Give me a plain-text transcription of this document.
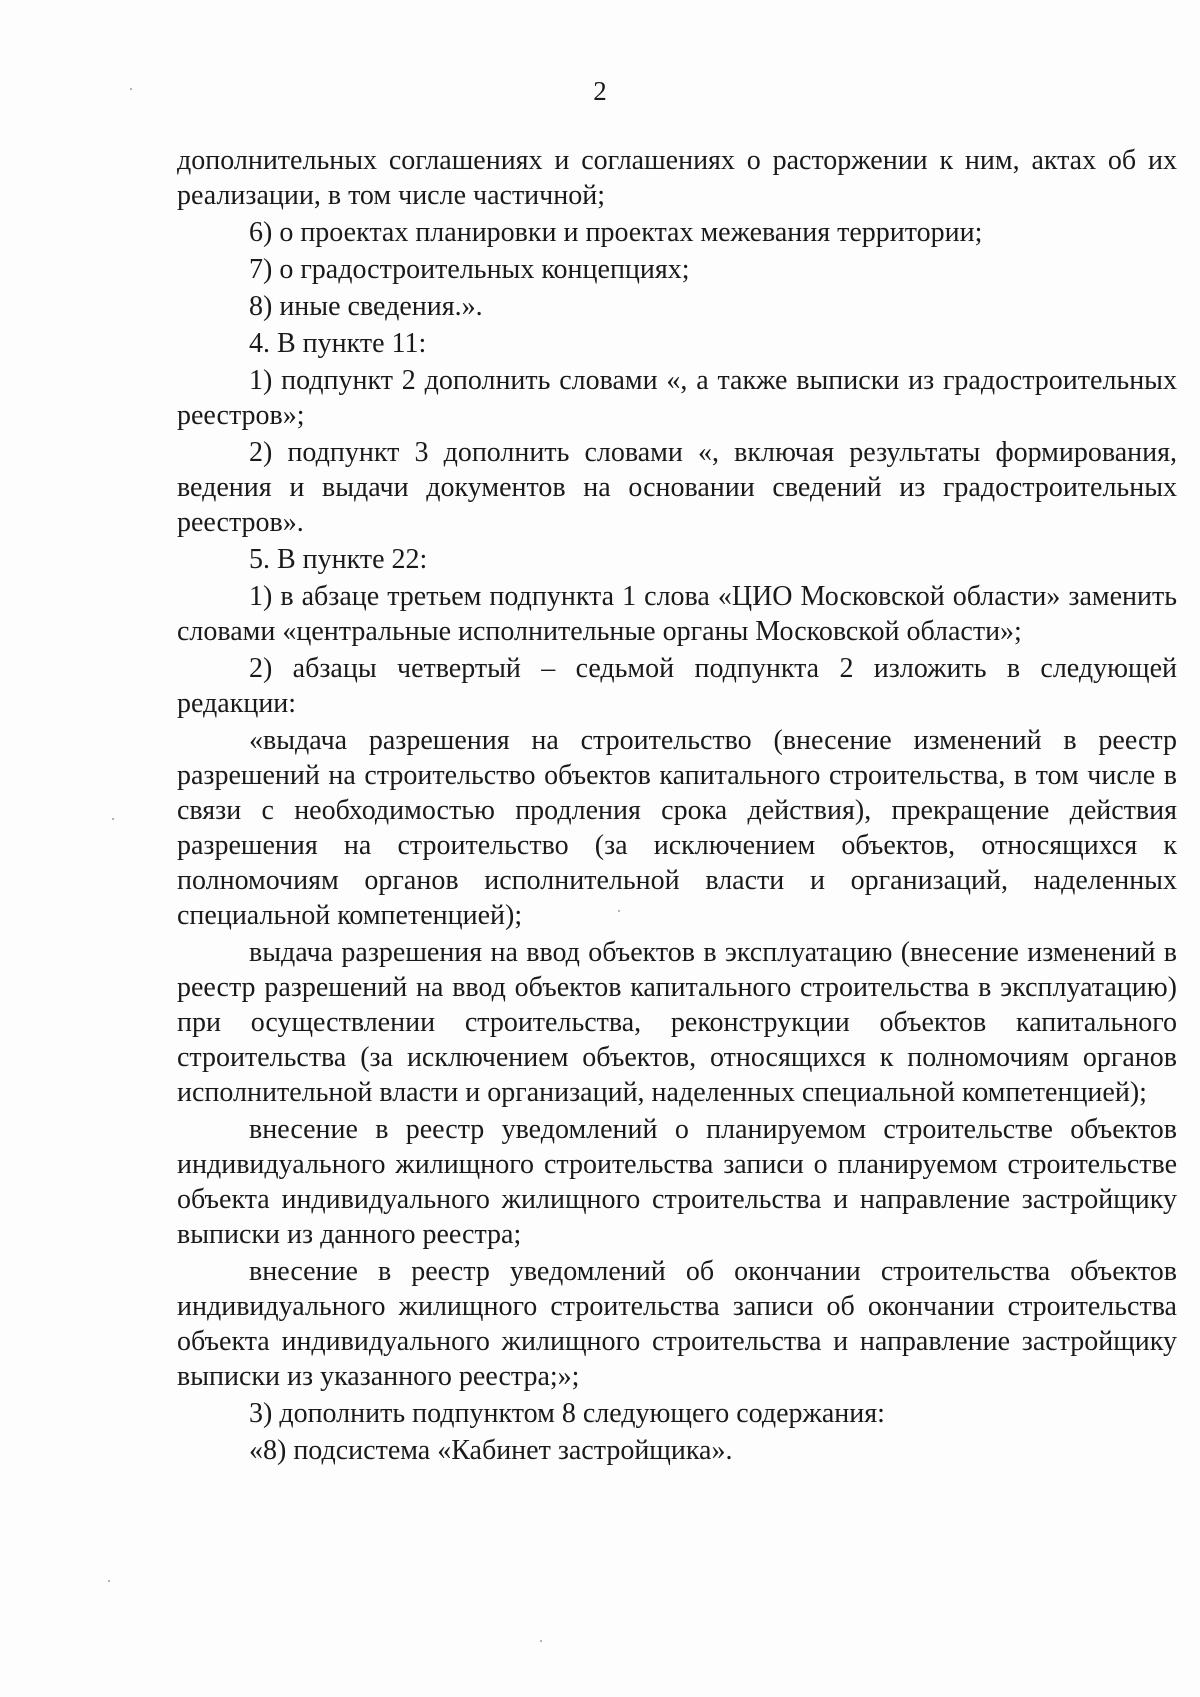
2

дополнительных соглашениях и соглашениях о расторжении к ним, актах об их реализации, в том числе частичной;

6) о проектах планировки и проектах межевания территории;

7) о градостроительных концепциях;

8) иные сведения.».

4. В пункте 11:

1) подпункт 2 дополнить словами «, а также выписки из градостроительных реестров»;

2) подпункт 3 дополнить словами «, включая результаты формирования, ведения и выдачи документов на основании сведений из градостроительных реестров».

5. В пункте 22:

1) в абзаце третьем подпункта 1 слова «ЦИО Московской области» заменить словами «центральные исполнительные органы Московской области»;

2) абзацы четвертый – седьмой подпункта 2 изложить в следующей редакции:

«выдача разрешения на строительство (внесение изменений в реестр разрешений на строительство объектов капитального строительства, в том числе в связи с необходимостью продления срока действия), прекращение действия разрешения на строительство (за исключением объектов, относящихся к полномочиям органов исполнительной власти и организаций, наделенных специальной компетенцией);

выдача разрешения на ввод объектов в эксплуатацию (внесение изменений в реестр разрешений на ввод объектов капитального строительства в эксплуатацию) при осуществлении строительства, реконструкции объектов капитального строительства (за исключением объектов, относящихся к полномочиям органов исполнительной власти и организаций, наделенных специальной компетенцией);

внесение в реестр уведомлений о планируемом строительстве объектов индивидуального жилищного строительства записи о планируемом строительстве объекта индивидуального жилищного строительства и направление застройщику выписки из данного реестра;

внесение в реестр уведомлений об окончании строительства объектов индивидуального жилищного строительства записи об окончании строительства объекта индивидуального жилищного строительства и направление застройщику выписки из указанного реестра;»;

3) дополнить подпунктом 8 следующего содержания:

«8) подсистема «Кабинет застройщика».
